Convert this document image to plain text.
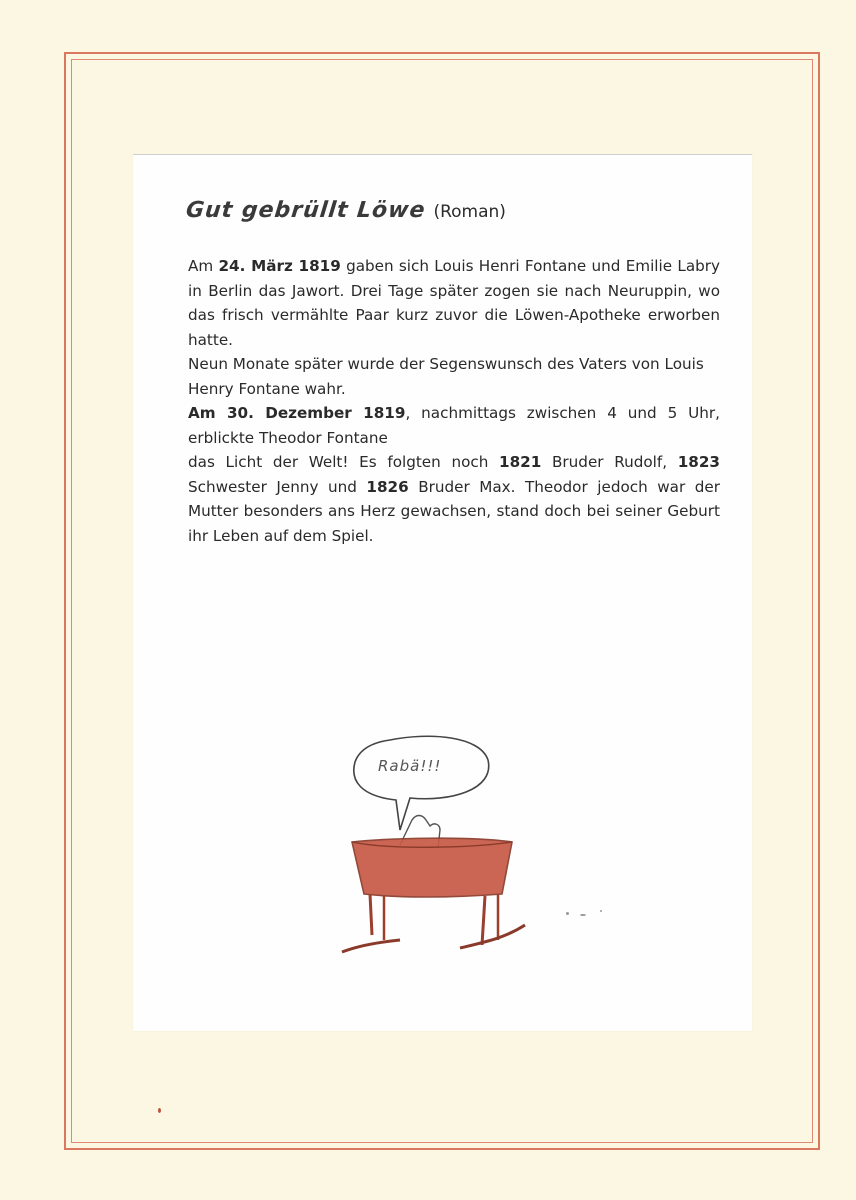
Gut gebrüllt Löwe (Roman)

Am 24. März 1819 gaben sich Louis Henri Fontane und Emilie Labry in Berlin das Jawort. Drei Tage später zogen sie nach Neuruppin, wo das frisch vermählte Paar kurz zuvor die Löwen-Apotheke erworben hatte.

Neun Monate später wurde der Segenswunsch des Vaters von Louis Henry Fontane wahr.

Am 30. Dezember 1819, nachmittags zwischen 4 und 5 Uhr,

erblickte Theodor Fontane

das Licht der Welt! Es folgten noch 1821 Bruder Rudolf, 1823 Schwester Jenny und 1826 Bruder Max. Theodor jedoch war der Mutter besonders ans Herz gewachsen, stand doch bei seiner Geburt ihr Leben auf dem Spiel.

Rabä!!!
